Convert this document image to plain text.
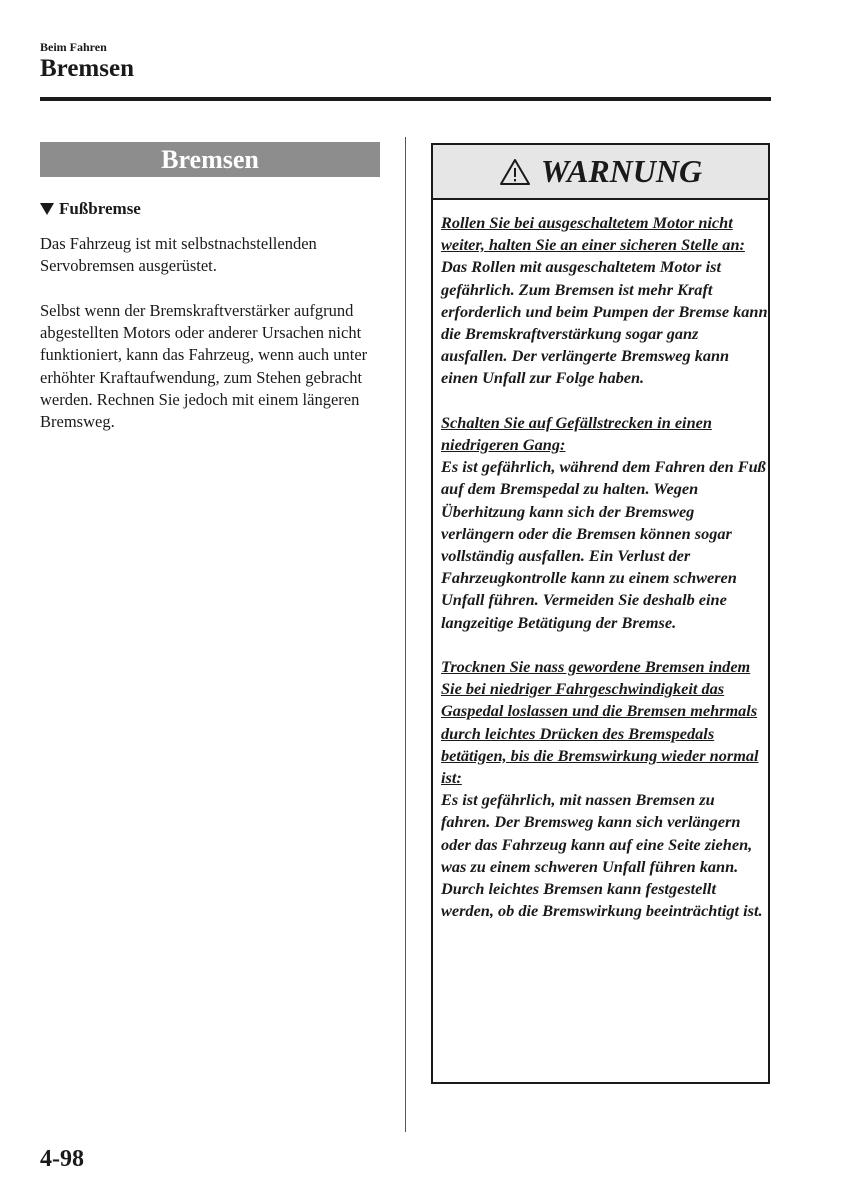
Beim Fahren
Bremsen
Bremsen
Fußbremse
Das Fahrzeug ist mit selbstnachstellenden Servobremsen ausgerüstet.
Selbst wenn der Bremskraftverstärker aufgrund abgestellten Motors oder anderer Ursachen nicht funktioniert, kann das Fahrzeug, wenn auch unter erhöhter Kraftaufwendung, zum Stehen gebracht werden. Rechnen Sie jedoch mit einem längeren Bremsweg.
WARNUNG
Rollen Sie bei ausgeschaltetem Motor nicht weiter, halten Sie an einer sicheren Stelle an:
Das Rollen mit ausgeschaltetem Motor ist gefährlich. Zum Bremsen ist mehr Kraft erforderlich und beim Pumpen der Bremse kann die Bremskraftverstärkung sogar ganz ausfallen. Der verlängerte Bremsweg kann einen Unfall zur Folge haben.
Schalten Sie auf Gefällstrecken in einen niedrigeren Gang:
Es ist gefährlich, während dem Fahren den Fuß auf dem Bremspedal zu halten. Wegen Überhitzung kann sich der Bremsweg verlängern oder die Bremsen können sogar vollständig ausfallen. Ein Verlust der Fahrzeugkontrolle kann zu einem schweren Unfall führen. Vermeiden Sie deshalb eine langzeitige Betätigung der Bremse.
Trocknen Sie nass gewordene Bremsen indem Sie bei niedriger Fahrgeschwindigkeit das Gaspedal loslassen und die Bremsen mehrmals durch leichtes Drücken des Bremspedals betätigen, bis die Bremswirkung wieder normal ist:
Es ist gefährlich, mit nassen Bremsen zu fahren. Der Bremsweg kann sich verlängern oder das Fahrzeug kann auf eine Seite ziehen, was zu einem schweren Unfall führen kann. Durch leichtes Bremsen kann festgestellt werden, ob die Bremswirkung beeinträchtigt ist.
4-98
